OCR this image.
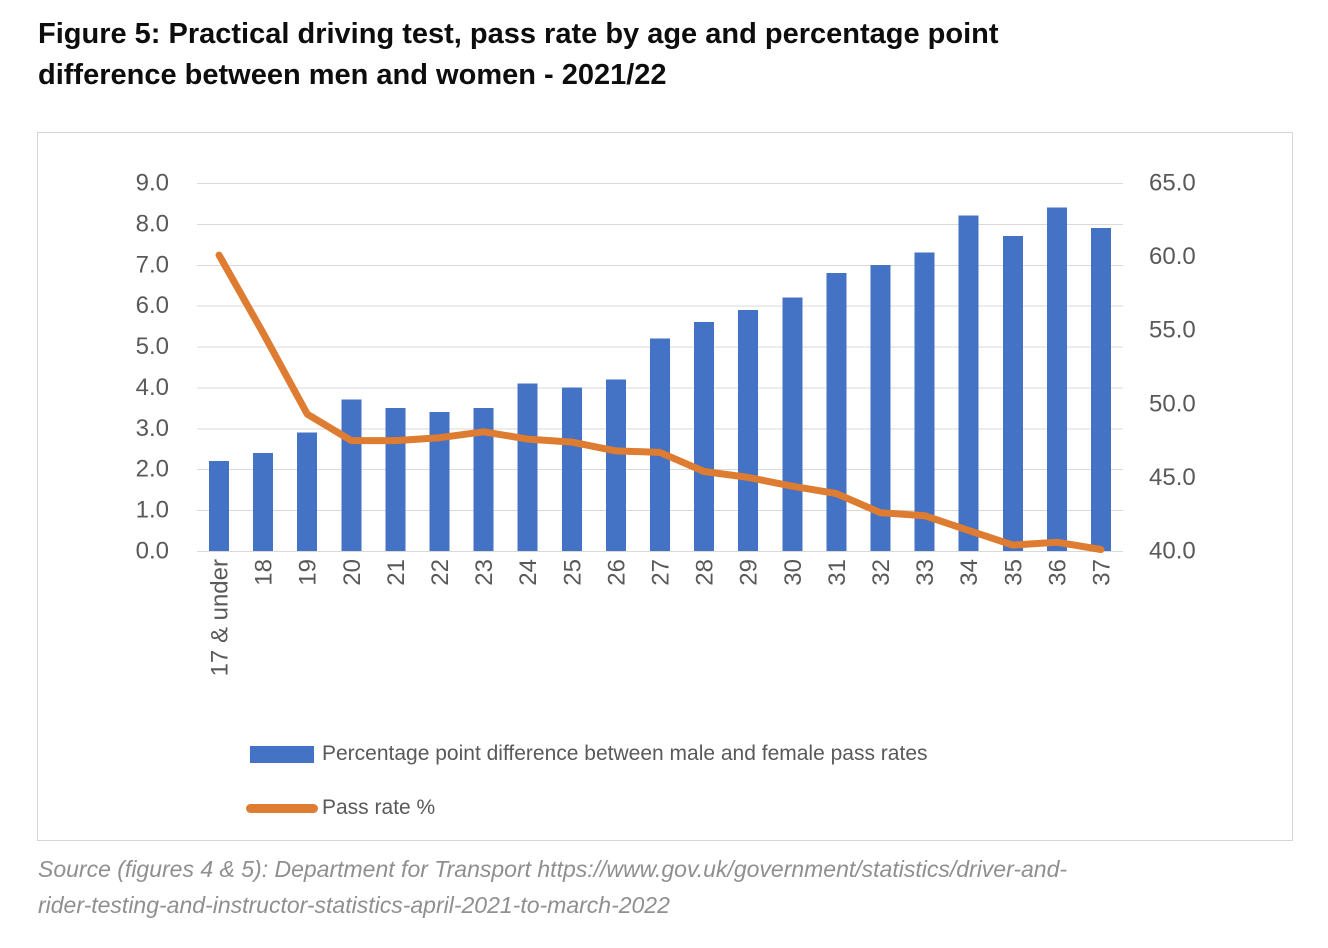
Figure 5: Practical driving test, pass rate by age and percentage point
difference between men and women - 2021/22
9.0
8.0
7.0
6.0
5.0
4.0
3.0
2.0
1.0
0.0
65.0
60.0
55.0
50.0
45.0
40.0
17 & under 18 19 20 21 22 23 24 25 26 27 28 29 30 31 32 33 34 35 36 37
Percentage point difference between male and female pass rates
Pass rate %
Source (figures 4 & 5): Department for Transport https://www.gov.uk/government/statistics/driver-and-
rider-testing-and-instructor-statistics-april-2021-to-march-2022
